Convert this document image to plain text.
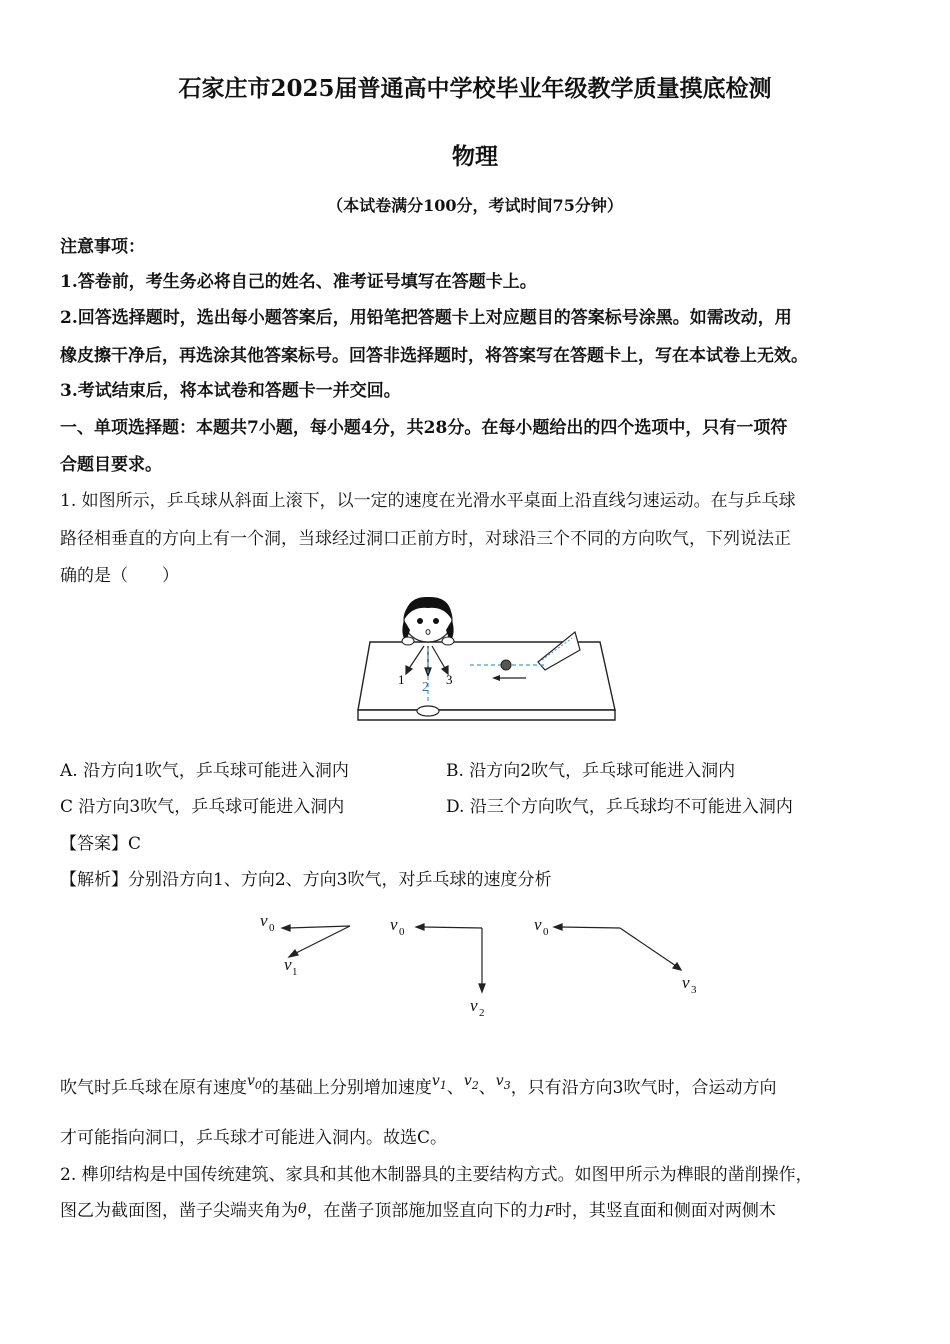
石家庄市2025届普通高中学校毕业年级教学质量摸底检测
物理
（本试卷满分100分，考试时间75分钟）
注意事项：
1.答卷前，考生务必将自己的姓名、准考证号填写在答题卡上。
2.回答选择题时，选出每小题答案后，用铅笔把答题卡上对应题目的答案标号涂黑。如需改动，用
橡皮擦干净后，再选涂其他答案标号。回答非选择题时，将答案写在答题卡上，写在本试卷上无效。
3.考试结束后，将本试卷和答题卡一并交回。
一、单项选择题：本题共7小题，每小题4分，共28分。在每小题给出的四个选项中，只有一项符
合题目要求。
1. 如图所示，乒乓球从斜面上滚下，以一定的速度在光滑水平桌面上沿直线匀速运动。在与乒乓球
路径相垂直的方向上有一个洞，当球经过洞口正前方时，对球沿三个不同的方向吹气，下列说法正
确的是（　　）
1
2
3
A. 沿方向1吹气，乒乓球可能进入洞内	B. 沿方向2吹气，乒乓球可能进入洞内
C 沿方向3吹气，乒乓球可能进入洞内	D. 沿三个方向吹气，乒乓球均不可能进入洞内
【答案】C
【解析】分别沿方向1、方向2、方向3吹气，对乒乓球的速度分析
v
v
v
v
v
v
0
1
0
2
0
3
吹气时乒乓球在原有速度$^{v_0}$的基础上分别增加速度$^{v_1}$、$^{v_2}$、$^{v_3}$，只有沿方向3吹气时，合运动方向
才可能指向洞口，乒乓球才可能进入洞内。故选C。
2. 榫卯结构是中国传统建筑、家具和其他木制器具的主要结构方式。如图甲所示为榫眼的凿削操作，
图乙为截面图，凿子尖端夹角为θ，在凿子顶部施加竖直向下的力F时，其竖直面和侧面对两侧木
